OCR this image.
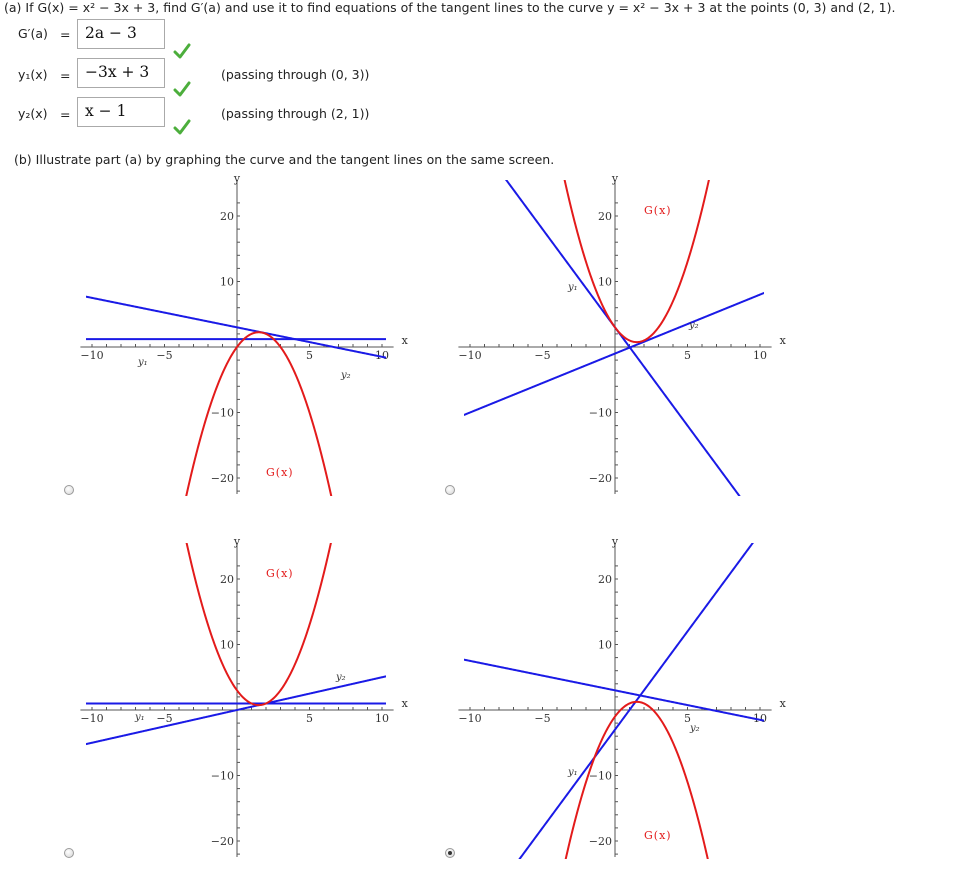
(a) If G(x) = x² − 3x + 3, find G′(a) and use it to find equations of the tangent lines to the curve y = x² − 3x + 3 at the points (0, 3) and (2, 1).
G′(a) = 2a − 3
y₁(x) = −3x + 3	(passing through (0, 3))
y₂(x) = x − 1	(passing through (2, 1))
(b) Illustrate part (a) by graphing the curve and the tangent lines on the same screen.
−10	−5	5	10
20
10
−10
−20
x
y
y₁
y₂
G(x)
−10	−5	5	10
20
10
−10
−20
x
y
y₁
y₂
G(x)
−10	−5	5	10
20
10
−10
−20
x
y
y₁
y₂
G(x)
−10	−5	5	10
20
10
−10
−20
x
y
y₁
y₂
G(x)
